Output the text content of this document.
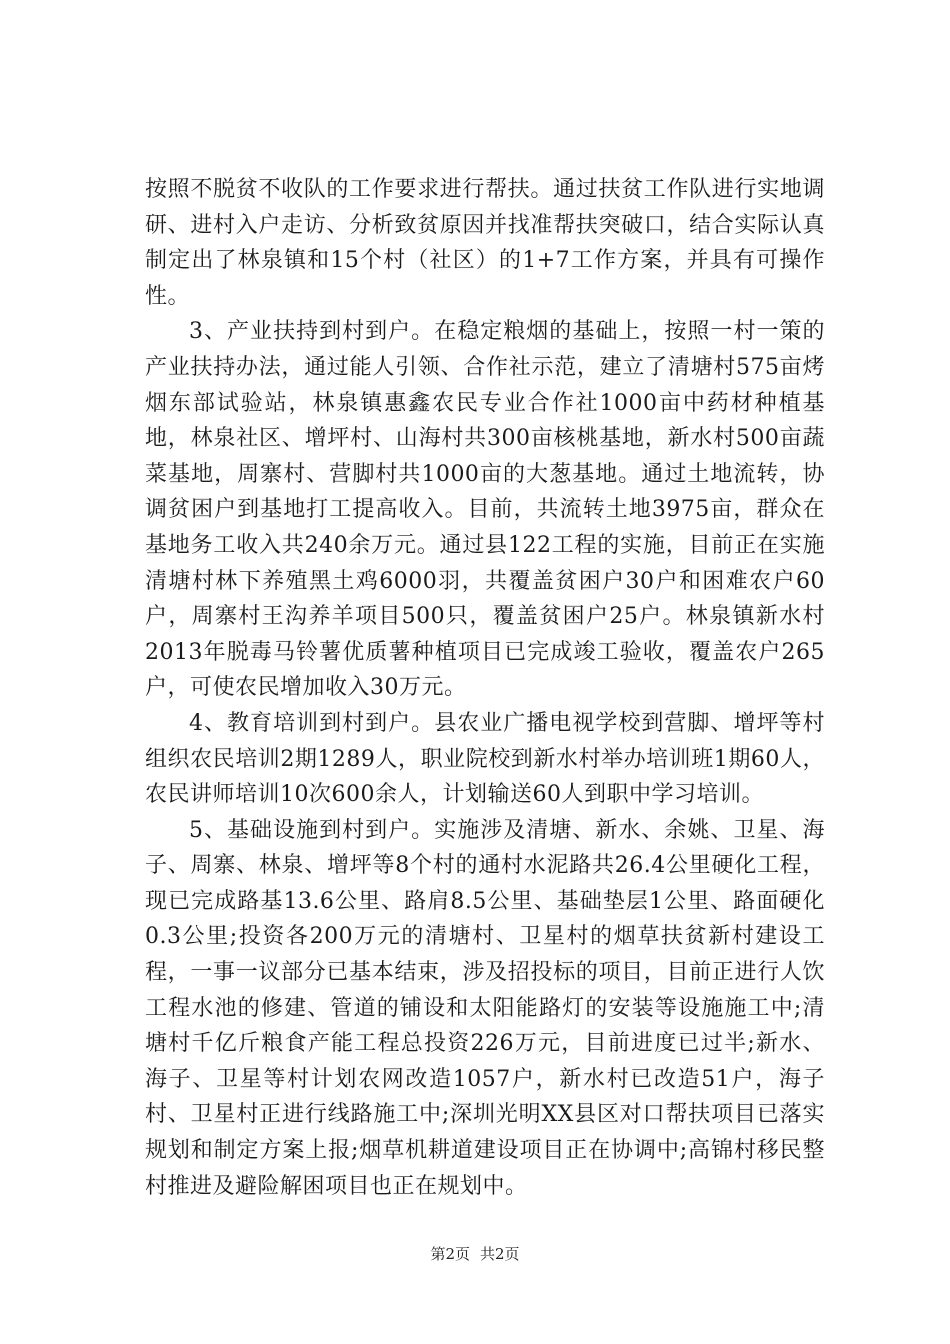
按照不脱贫不收队的工作要求进行帮扶。通过扶贫工作队进行实地调研、进村入户走访、分析致贫原因并找准帮扶突破口，结合实际认真制定出了林泉镇和15个村（社区）的1+7工作方案，并具有可操作性。

3、产业扶持到村到户。在稳定粮烟的基础上，按照一村一策的产业扶持办法，通过能人引领、合作社示范，建立了清塘村575亩烤烟东部试验站，林泉镇惠鑫农民专业合作社1000亩中药材种植基地，林泉社区、增坪村、山海村共300亩核桃基地，新水村500亩蔬菜基地，周寨村、营脚村共1000亩的大葱基地。通过土地流转，协调贫困户到基地打工提高收入。目前，共流转土地3975亩，群众在基地务工收入共240余万元。通过县122工程的实施，目前正在实施清塘村林下养殖黑土鸡6000羽，共覆盖贫困户30户和困难农户60户，周寨村王沟养羊项目500只，覆盖贫困户25户。林泉镇新水村2013年脱毒马铃薯优质薯种植项目已完成竣工验收，覆盖农户265户，可使农民增加收入30万元。

4、教育培训到村到户。县农业广播电视学校到营脚、增坪等村组织农民培训2期1289人，职业院校到新水村举办培训班1期60人，农民讲师培训10次600余人，计划输送60人到职中学习培训。

5、基础设施到村到户。实施涉及清塘、新水、余姚、卫星、海子、周寨、林泉、增坪等8个村的通村水泥路共26.4公里硬化工程，现已完成路基13.6公里、路肩8.5公里、基础垫层1公里、路面硬化0.3公里;投资各200万元的清塘村、卫星村的烟草扶贫新村建设工程，一事一议部分已基本结束，涉及招投标的项目，目前正进行人饮工程水池的修建、管道的铺设和太阳能路灯的安装等设施施工中;清塘村千亿斤粮食产能工程总投资226万元，目前进度已过半;新水、海子、卫星等村计划农网改造1057户，新水村已改造51户，海子村、卫星村正进行线路施工中;深圳光明XX县区对口帮扶项目已落实规划和制定方案上报;烟草机耕道建设项目正在协调中;高锦村移民整村推进及避险解困项目也正在规划中。

第2页 共2页
